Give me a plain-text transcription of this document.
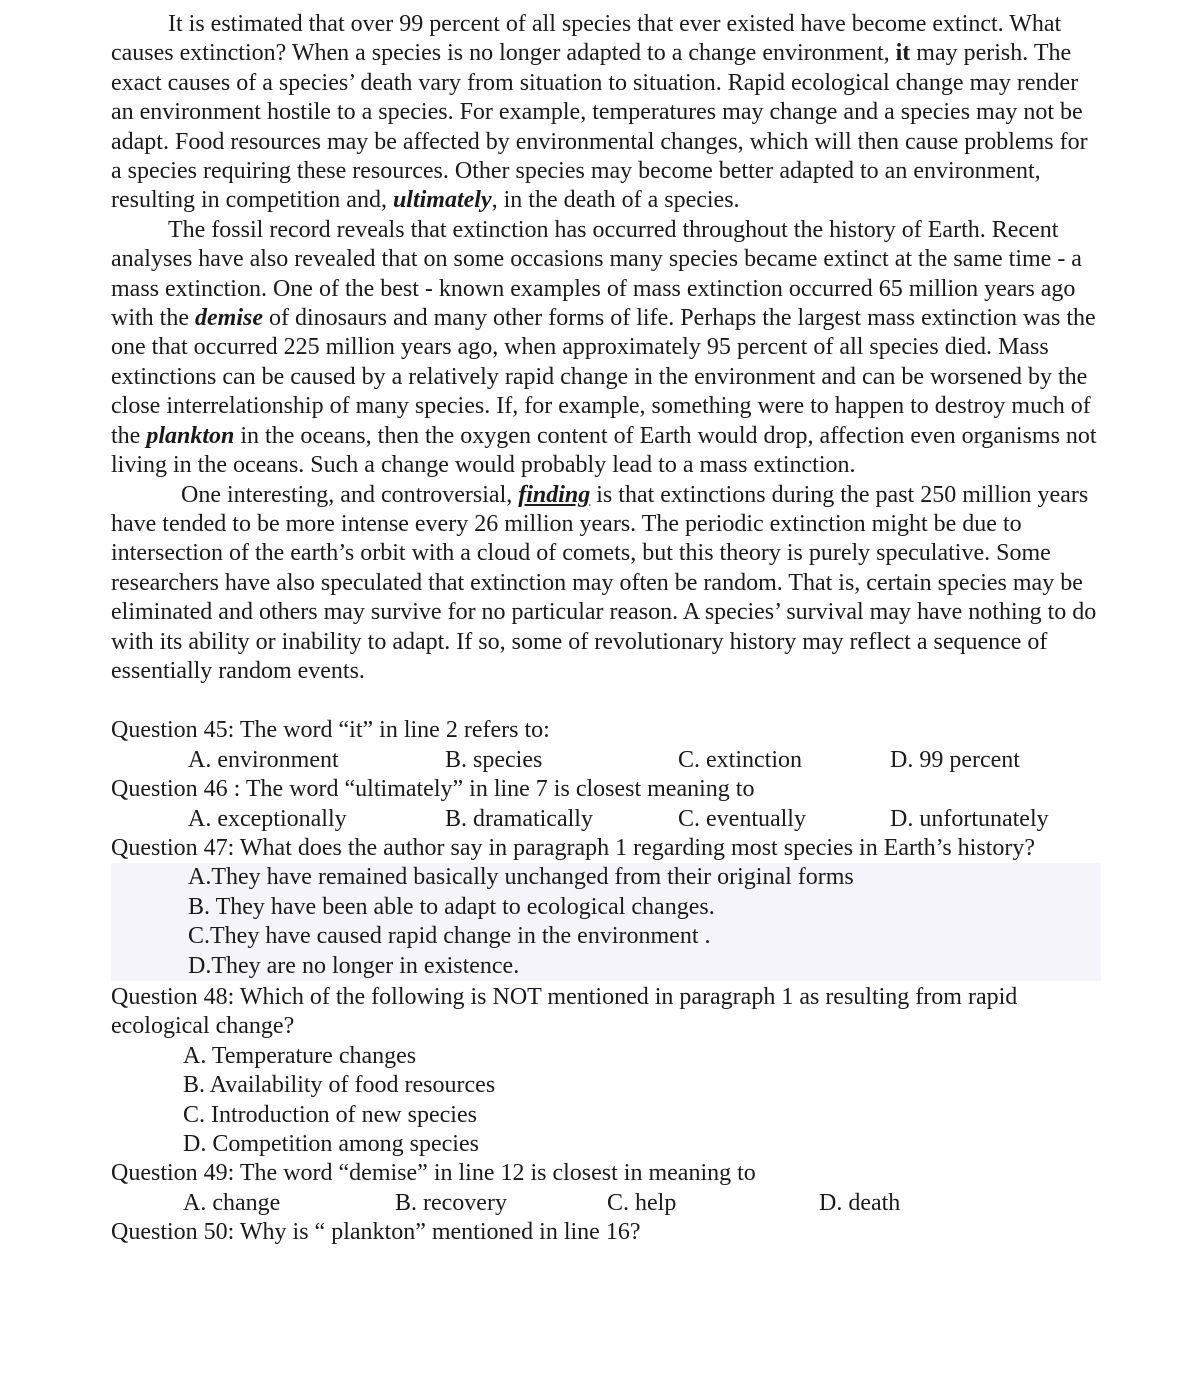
It is estimated that over 99 percent of all species that ever existed have become extinct. What causes extinction? When a species is no longer adapted to a change environment, it may perish. The exact causes of a species’ death vary from situation to situation. Rapid ecological change may render an environment hostile to a species. For example, temperatures may change and a species may not be adapt. Food resources may be affected by environmental changes, which will then cause problems for a species requiring these resources. Other species may become better adapted to an environment, resulting in competition and, ultimately, in the death of a species.

The fossil record reveals that extinction has occurred throughout the history of Earth. Recent analyses have also revealed that on some occasions many species became extinct at the same time - a mass extinction. One of the best - known examples of mass extinction occurred 65 million years ago with the demise of dinosaurs and many other forms of life. Perhaps the largest mass extinction was the one that occurred 225 million years ago, when approximately 95 percent of all species died. Mass extinctions can be caused by a relatively rapid change in the environment and can be worsened by the close interrelationship of many species. If, for example, something were to happen to destroy much of the plankton in the oceans, then the oxygen content of Earth would drop, affection even organisms not living in the oceans. Such a change would probably lead to a mass extinction.

One interesting, and controversial, finding is that extinctions during the past 250 million years have tended to be more intense every 26 million years. The periodic extinction might be due to intersection of the earth’s orbit with a cloud of comets, but this theory is purely speculative. Some researchers have also speculated that extinction may often be random. That is, certain species may be eliminated and others may survive for no particular reason. A species’ survival may have nothing to do with its ability or inability to adapt. If so, some of revolutionary history may reflect a sequence of essentially random events.

Question 45: The word “it” in line 2 refers to:

A. environment	B. species	C. extinction	D. 99 percent

Question 46 : The word “ultimately” in line 7 is closest meaning to

A. exceptionally	B. dramatically	C. eventually	D. unfortunately

Question 47: What does the author say in paragraph 1 regarding most species in Earth’s history?

A.They have remained basically unchanged from their original forms
B. They have been able to adapt to ecological changes.
C.They have caused rapid change in the environment .
D.They are no longer in existence.

Question 48: Which of the following is NOT mentioned in paragraph 1 as resulting from rapid ecological change?

A. Temperature changes
B. Availability of food resources
C. Introduction of new species
D. Competition among species

Question 49: The word “demise” in line 12 is closest in meaning to

A. change	B. recovery	C. help	D. death

Question 50: Why is “ plankton” mentioned in line 16?
